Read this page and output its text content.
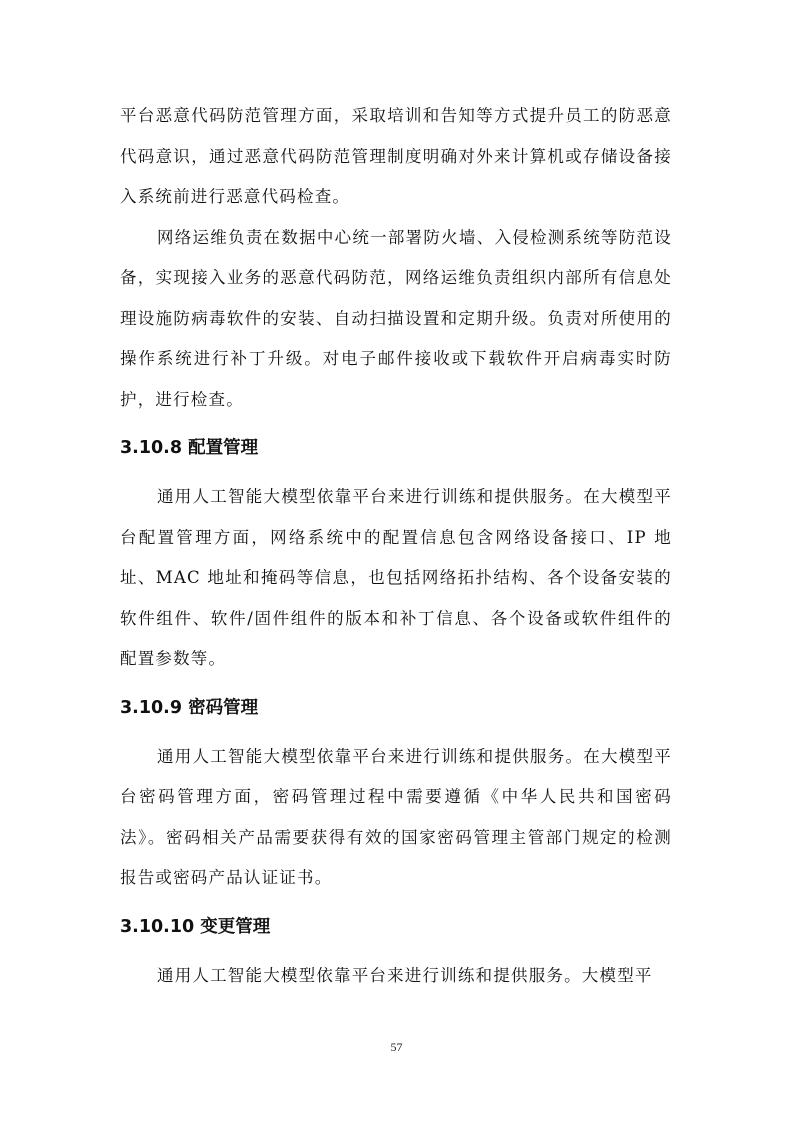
平台恶意代码防范管理方面，采取培训和告知等方式提升员工的防恶意代码意识，通过恶意代码防范管理制度明确对外来计算机或存储设备接入系统前进行恶意代码检查。

网络运维负责在数据中心统一部署防火墙、入侵检测系统等防范设备，实现接入业务的恶意代码防范，网络运维负责组织内部所有信息处理设施防病毒软件的安装、自动扫描设置和定期升级。负责对所使用的操作系统进行补丁升级。对电子邮件接收或下载软件开启病毒实时防护，进行检查。

3.10.8 配置管理

通用人工智能大模型依靠平台来进行训练和提供服务。在大模型平台配置管理方面，网络系统中的配置信息包含网络设备接口、IP 地址、MAC 地址和掩码等信息，也包括网络拓扑结构、各个设备安装的软件组件、软件/固件组件的版本和补丁信息、各个设备或软件组件的配置参数等。

3.10.9 密码管理

通用人工智能大模型依靠平台来进行训练和提供服务。在大模型平台密码管理方面，密码管理过程中需要遵循《中华人民共和国密码法》。密码相关产品需要获得有效的国家密码管理主管部门规定的检测报告或密码产品认证证书。

3.10.10 变更管理

通用人工智能大模型依靠平台来进行训练和提供服务。大模型平

57
